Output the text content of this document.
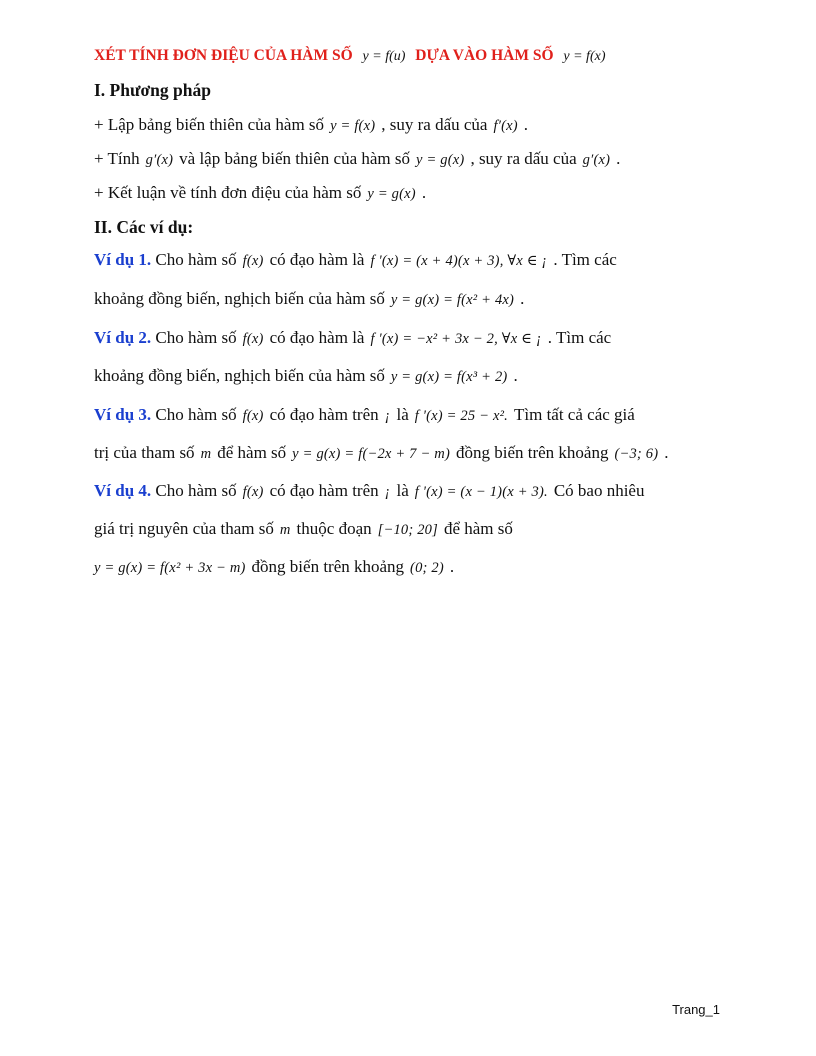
XÉT TÍNH ĐƠN ĐIỆU CỦA HÀM SỐ y = f(u) DỰA VÀO HÀM SỐ y = f(x)
I. Phương pháp
+ Lập bảng biến thiên của hàm số y = f(x) , suy ra dấu của f′(x) .
+ Tính g′(x) và lập bảng biến thiên của hàm số y = g(x) , suy ra dấu của g′(x) .
+ Kết luận về tính đơn điệu của hàm số y = g(x) .
II. Các ví dụ:
Ví dụ 1. Cho hàm số f(x) có đạo hàm là f '(x) = (x + 4)(x + 3), ∀x ∈ ¡ . Tìm các
khoảng đồng biến, nghịch biến của hàm số y = g(x) = f(x² + 4x) .
Ví dụ 2. Cho hàm số f(x) có đạo hàm là f '(x) = −x² + 3x − 2, ∀x ∈ ¡ . Tìm các
khoảng đồng biến, nghịch biến của hàm số y = g(x) = f(x³ + 2) .
Ví dụ 3. Cho hàm số f(x) có đạo hàm trên ¡ là f '(x) = 25 − x². Tìm tất cả các giá
trị của tham số m để hàm số y = g(x) = f(−2x + 7 − m) đồng biến trên khoảng (−3; 6) .
Ví dụ 4. Cho hàm số f(x) có đạo hàm trên ¡ là f '(x) = (x − 1)(x + 3). Có bao nhiêu
giá trị nguyên của tham số m thuộc đoạn [−10; 20] để hàm số
y = g(x) = f(x² + 3x − m) đồng biến trên khoảng (0; 2) .
Trang_1
